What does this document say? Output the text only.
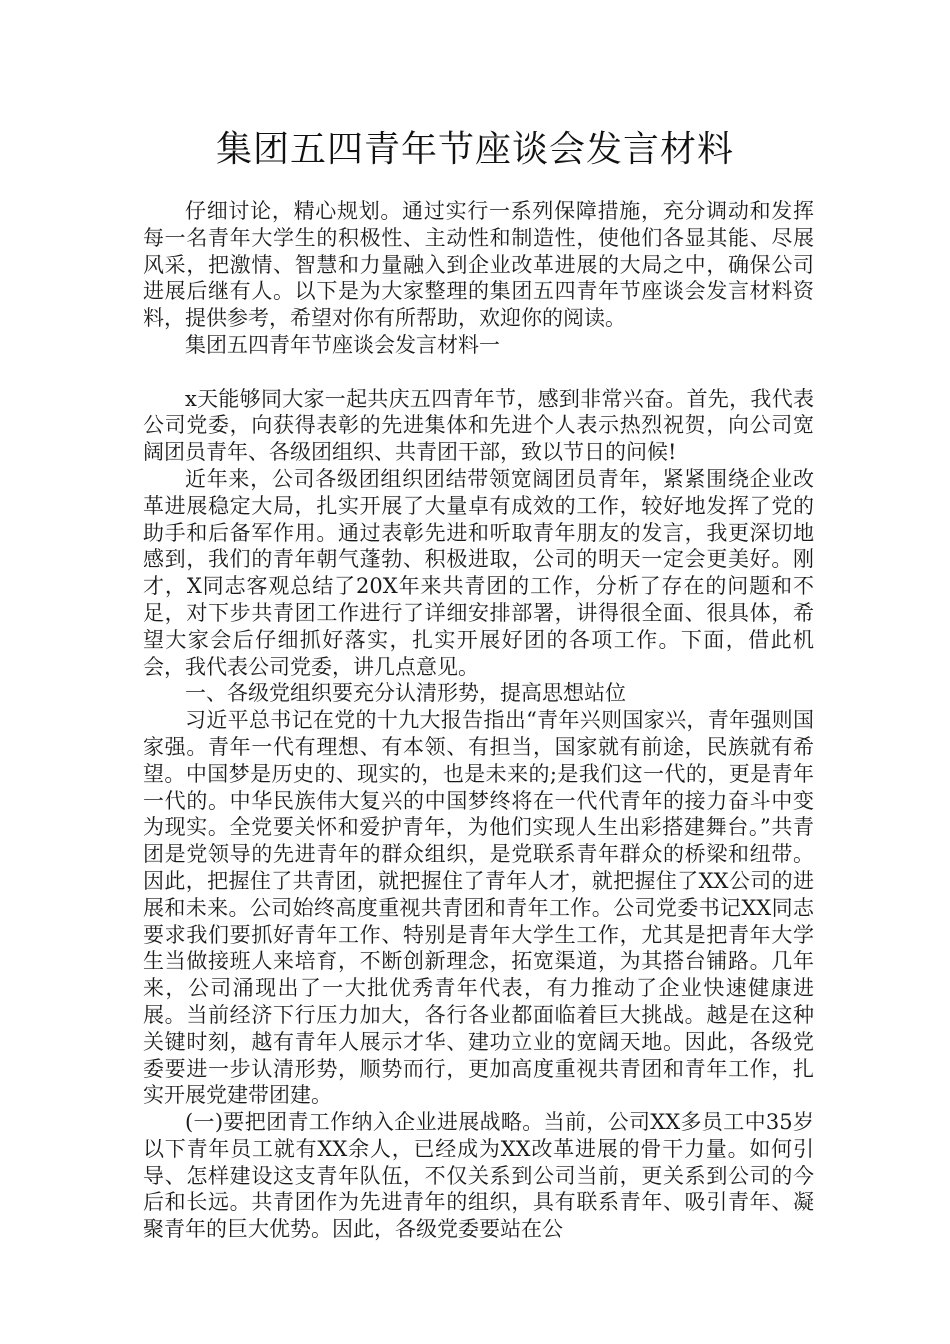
集团五四青年节座谈会发言材料

仔细讨论，精心规划。通过实行一系列保障措施，充分调动和发挥每一名青年大学生的积极性、主动性和制造性，使他们各显其能、尽展风采，把激情、智慧和力量融入到企业改革进展的大局之中，确保公司进展后继有人。以下是为大家整理的集团五四青年节座谈会发言材料资料，提供参考，希望对你有所帮助，欢迎你的阅读。

集团五四青年节座谈会发言材料一

x天能够同大家一起共庆五四青年节，感到非常兴奋。首先，我代表公司党委，向获得表彰的先进集体和先进个人表示热烈祝贺，向公司宽阔团员青年、各级团组织、共青团干部，致以节日的问候!

近年来，公司各级团组织团结带领宽阔团员青年，紧紧围绕企业改革进展稳定大局，扎实开展了大量卓有成效的工作，较好地发挥了党的助手和后备军作用。通过表彰先进和听取青年朋友的发言，我更深切地感到，我们的青年朝气蓬勃、积极进取，公司的明天一定会更美好。刚才，X同志客观总结了20X年来共青团的工作，分析了存在的问题和不足，对下步共青团工作进行了详细安排部署，讲得很全面、很具体，希望大家会后仔细抓好落实，扎实开展好团的各项工作。下面，借此机会，我代表公司党委，讲几点意见。

一、各级党组织要充分认清形势，提高思想站位

习近平总书记在党的十九大报告指出“青年兴则国家兴，青年强则国家强。青年一代有理想、有本领、有担当，国家就有前途，民族就有希望。中国梦是历史的、现实的，也是未来的;是我们这一代的，更是青年一代的。中华民族伟大复兴的中国梦终将在一代代青年的接力奋斗中变为现实。全党要关怀和爱护青年，为他们实现人生出彩搭建舞台。”共青团是党领导的先进青年的群众组织，是党联系青年群众的桥梁和纽带。因此，把握住了共青团，就把握住了青年人才，就把握住了XX公司的进展和未来。公司始终高度重视共青团和青年工作。公司党委书记XX同志要求我们要抓好青年工作、特别是青年大学生工作，尤其是把青年大学生当做接班人来培育，不断创新理念，拓宽渠道，为其搭台铺路。几年来，公司涌现出了一大批优秀青年代表，有力推动了企业快速健康进展。当前经济下行压力加大，各行各业都面临着巨大挑战。越是在这种关键时刻，越有青年人展示才华、建功立业的宽阔天地。因此，各级党委要进一步认清形势，顺势而行，更加高度重视共青团和青年工作，扎实开展党建带团建。

(一)要把团青工作纳入企业进展战略。当前，公司XX多员工中35岁以下青年员工就有XX余人，已经成为XX改革进展的骨干力量。如何引导、怎样建设这支青年队伍，不仅关系到公司当前，更关系到公司的今后和长远。共青团作为先进青年的组织，具有联系青年、吸引青年、凝聚青年的巨大优势。因此，各级党委要站在公
